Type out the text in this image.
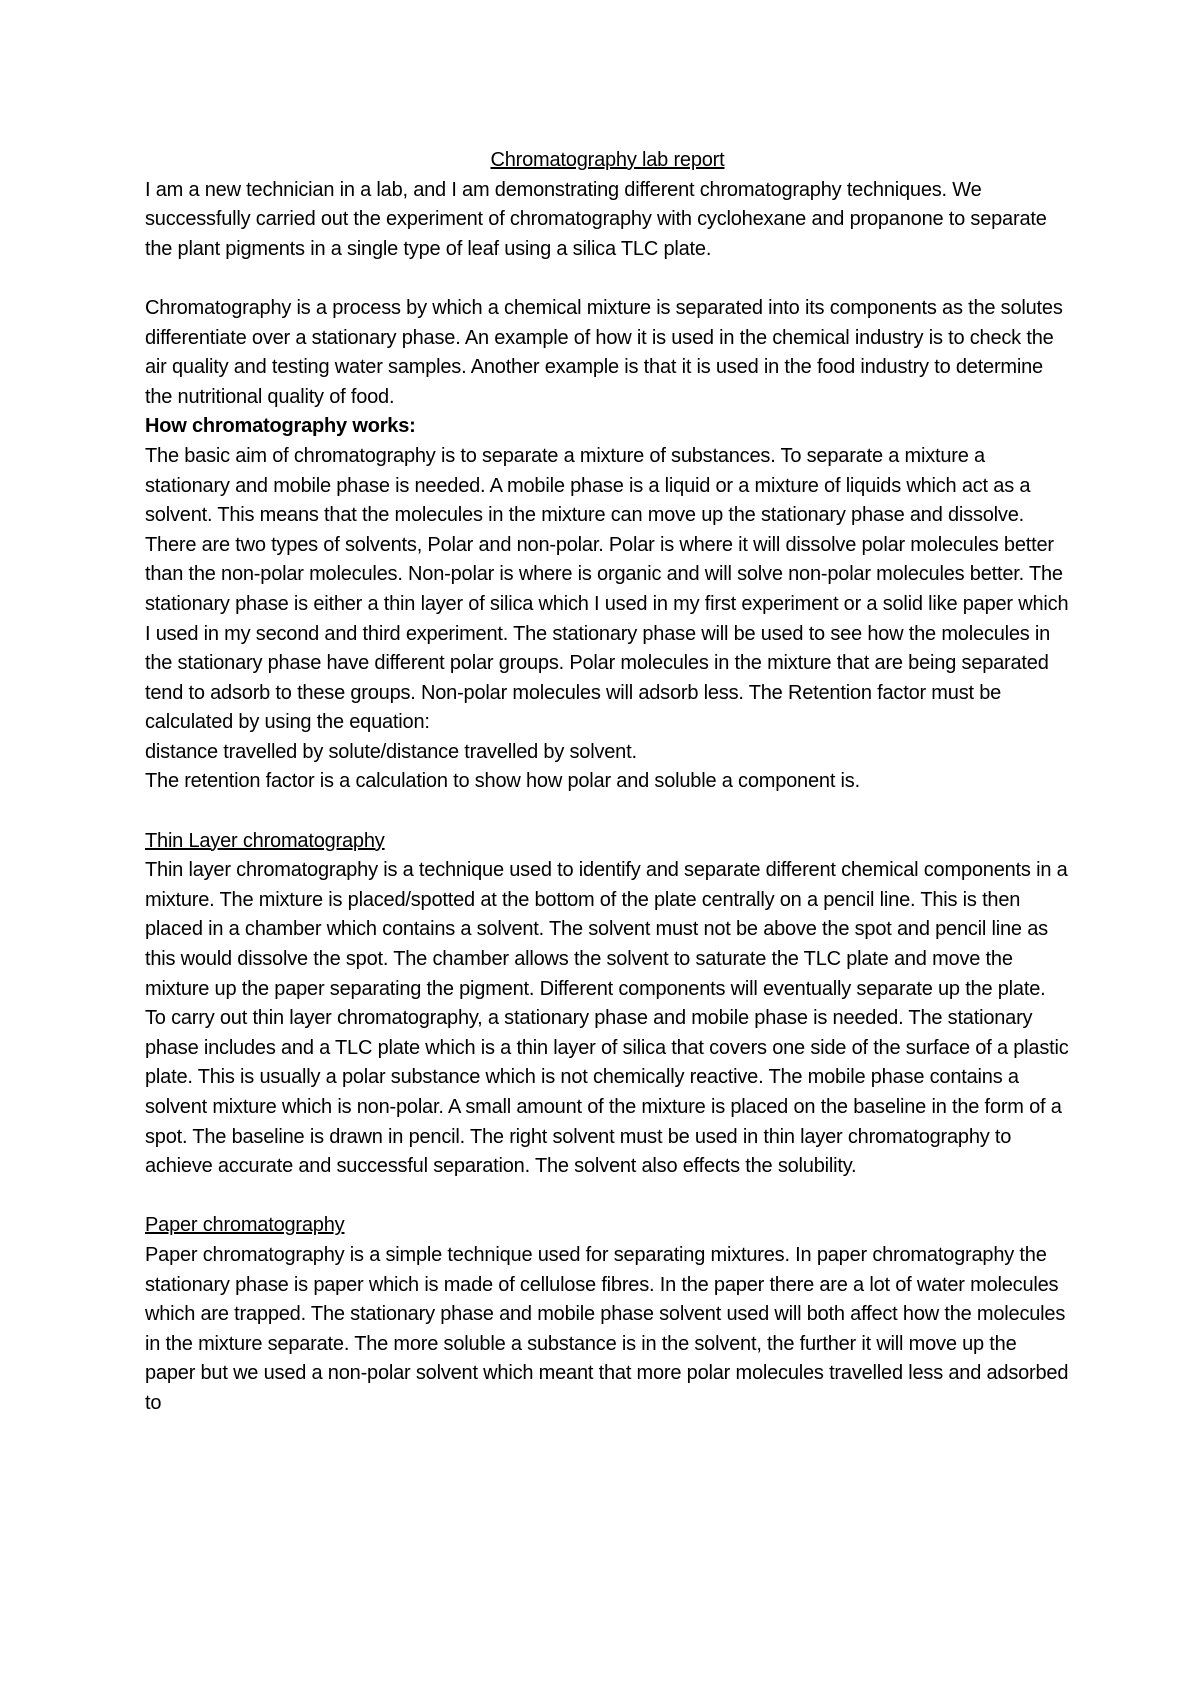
Chromatography lab report

I am a new technician in a lab, and I am demonstrating different chromatography techniques. We successfully carried out the experiment of chromatography with cyclohexane and propanone to separate the plant pigments in a single type of leaf using a silica TLC plate.

Chromatography is a process by which a chemical mixture is separated into its components as the solutes differentiate over a stationary phase. An example of how it is used in the chemical industry is to check the air quality and testing water samples. Another example is that it is used in the food industry to determine the nutritional quality of food.

How chromatography works:

The basic aim of chromatography is to separate a mixture of substances. To separate a mixture a stationary and mobile phase is needed. A mobile phase is a liquid or a mixture of liquids which act as a solvent. This means that the molecules in the mixture can move up the stationary phase and dissolve. There are two types of solvents, Polar and non-polar. Polar is where it will dissolve polar molecules better than the non-polar molecules. Non-polar is where is organic and will solve non-polar molecules better. The stationary phase is either a thin layer of silica which I used in my first experiment or a solid like paper which I used in my second and third experiment. The stationary phase will be used to see how the molecules in the stationary phase have different polar groups. Polar molecules in the mixture that are being separated tend to adsorb to these groups. Non-polar molecules will adsorb less. The Retention factor must be calculated by using the equation:

distance travelled by solute/distance travelled by solvent.

The retention factor is a calculation to show how polar and soluble a component is.

Thin Layer chromatography

Thin layer chromatography is a technique used to identify and separate different chemical components in a mixture. The mixture is placed/spotted at the bottom of the plate centrally on a pencil line. This is then placed in a chamber which contains a solvent. The solvent must not be above the spot and pencil line as this would dissolve the spot. The chamber allows the solvent to saturate the TLC plate and move the mixture up the paper separating the pigment. Different components will eventually separate up the plate. To carry out thin layer chromatography, a stationary phase and mobile phase is needed. The stationary phase includes and a TLC plate which is a thin layer of silica that covers one side of the surface of a plastic plate. This is usually a polar substance which is not chemically reactive. The mobile phase contains a solvent mixture which is non-polar. A small amount of the mixture is placed on the baseline in the form of a spot. The baseline is drawn in pencil. The right solvent must be used in thin layer chromatography to achieve accurate and successful separation. The solvent also effects the solubility.

Paper chromatography

Paper chromatography is a simple technique used for separating mixtures. In paper chromatography the stationary phase is paper which is made of cellulose fibres. In the paper there are a lot of water molecules which are trapped. The stationary phase and mobile phase solvent used will both affect how the molecules in the mixture separate. The more soluble a substance is in the solvent, the further it will move up the paper but we used a non-polar solvent which meant that more polar molecules travelled less and adsorbed to
